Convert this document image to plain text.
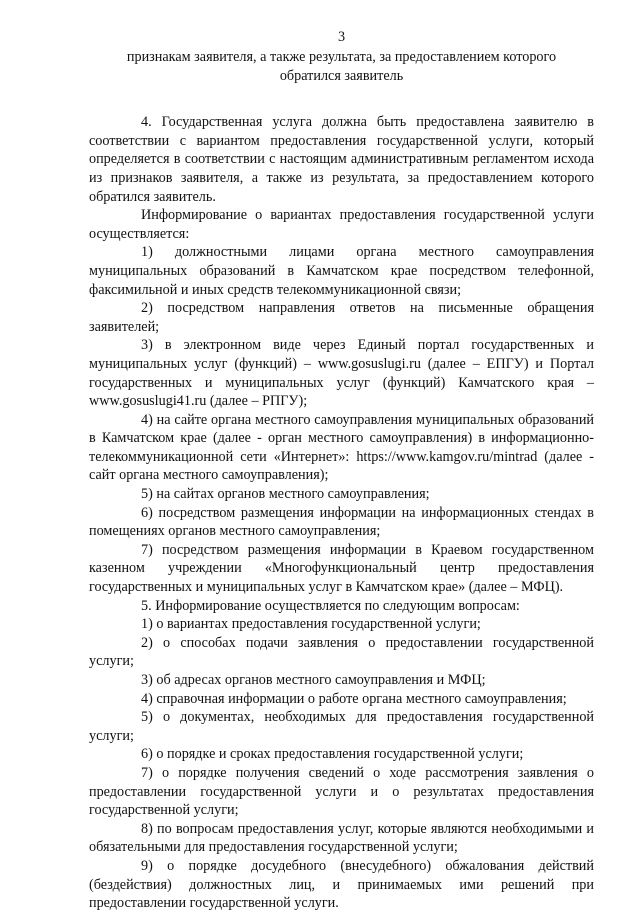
3
признакам заявителя, а также результата, за предоставлением которого
обратился заявитель

4. Государственная услуга должна быть предоставлена заявителю в соответствии с вариантом предоставления государственной услуги, который определяется в соответствии с настоящим административным регламентом исхода из признаков заявителя, а также из результата, за предоставлением которого обратился заявитель.

Информирование о вариантах предоставления государственной услуги осуществляется:

1) должностными лицами органа местного самоуправления муниципальных образований в Камчатском крае посредством телефонной, факсимильной и иных средств телекоммуникационной связи;

2) посредством направления ответов на письменные обращения заявителей;

3) в электронном виде через Единый портал государственных и муниципальных услуг (функций) – www.gosuslugi.ru (далее – ЕПГУ) и Портал государственных и муниципальных услуг (функций) Камчатского края – www.gosuslugi41.ru (далее – РПГУ);

4) на сайте органа местного самоуправления муниципальных образований в Камчатском крае (далее - орган местного самоуправления) в информационно-телекоммуникационной сети «Интернет»: https://www.kamgov.ru/mintrad (далее - сайт органа местного самоуправления);

5) на сайтах органов местного самоуправления;

6) посредством размещения информации на информационных стендах в помещениях органов местного самоуправления;

7) посредством размещения информации в Краевом государственном казенном учреждении «Многофункциональный центр предоставления государственных и муниципальных услуг в Камчатском крае» (далее – МФЦ).

5. Информирование осуществляется по следующим вопросам:

1) о вариантах предоставления государственной услуги;

2) о способах подачи заявления о предоставлении государственной услуги;

3) об адресах органов местного самоуправления и МФЦ;

4) справочная информации о работе органа местного самоуправления;

5) о документах, необходимых для предоставления государственной услуги;

6) о порядке и сроках предоставления государственной услуги;

7) о порядке получения сведений о ходе рассмотрения заявления о предоставлении государственной услуги и о результатах предоставления государственной услуги;

8) по вопросам предоставления услуг, которые являются необходимыми и обязательными для предоставления государственной услуги;

9) о порядке досудебного (внесудебного) обжалования действий (бездействия) должностных лиц, и принимаемых ими решений при предоставлении государственной услуги.
